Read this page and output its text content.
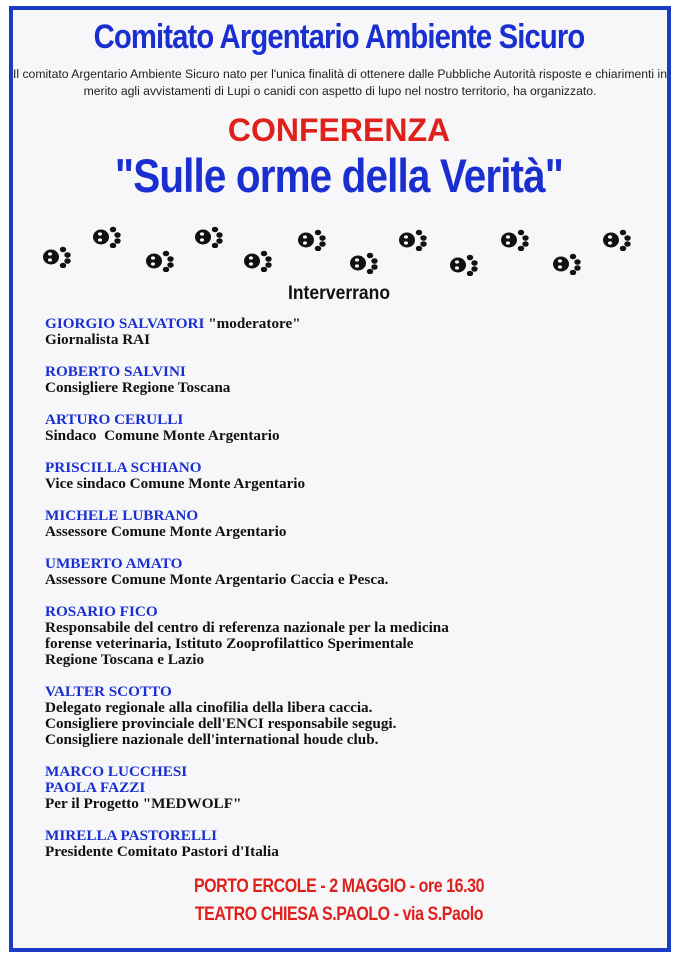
Comitato Argentario Ambiente Sicuro
Il comitato Argentario Ambiente Sicuro nato per l'unica finalità di ottenere dalle Pubbliche Autorità risposte e chiarimenti in merito agli avvistamenti di Lupi o canidi con aspetto di lupo nel nostro territorio, ha organizzato.
CONFERENZA
"Sulle orme della Verità"
Interverrano
GIORGIO SALVATORI "moderatore"
Giornalista RAI
ROBERTO SALVINI
Consigliere Regione Toscana
ARTURO CERULLI
Sindaco  Comune Monte Argentario
PRISCILLA SCHIANO
Vice sindaco Comune Monte Argentario
MICHELE LUBRANO
Assessore Comune Monte Argentario
UMBERTO AMATO
Assessore Comune Monte Argentario Caccia e Pesca.
ROSARIO FICO
Responsabile del centro di referenza nazionale per la medicina
forense veterinaria, Istituto Zooprofilattico Sperimentale
Regione Toscana e Lazio
VALTER SCOTTO
Delegato regionale alla cinofilia della libera caccia.
Consigliere provinciale dell'ENCI responsabile segugi.
Consigliere nazionale dell'international houde club.
MARCO LUCCHESI
PAOLA FAZZI
Per il Progetto "MEDWOLF"
MIRELLA PASTORELLI
Presidente Comitato Pastori d'Italia
PORTO ERCOLE - 2 MAGGIO - ore 16.30
TEATRO CHIESA S.PAOLO - via S.Paolo
